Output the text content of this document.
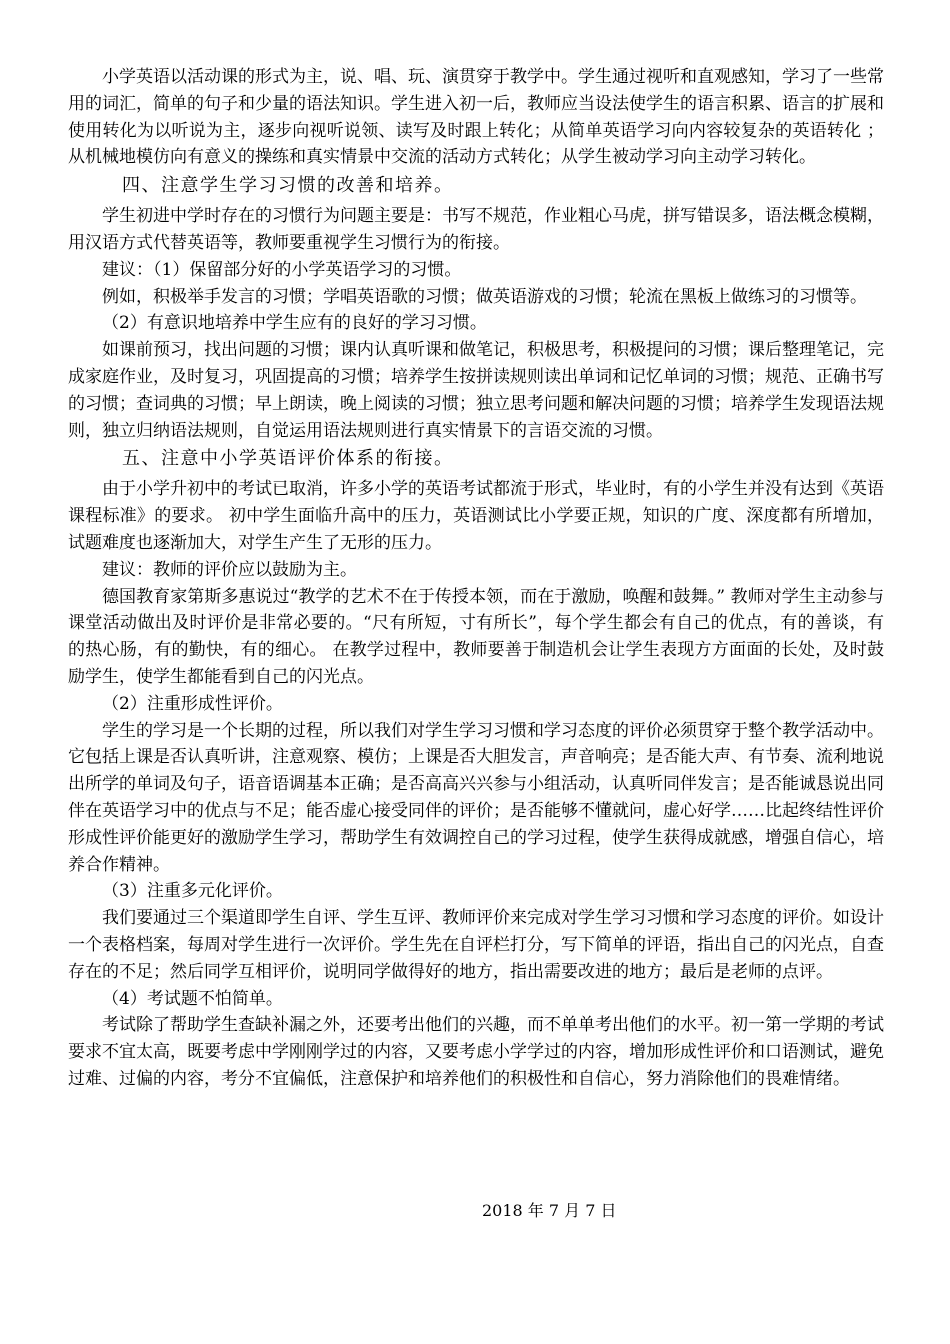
小学英语以活动课的形式为主，说、唱、玩、演贯穿于教学中。学生通过视听和直观感知，学习了一些常用的词汇，简单的句子和少量的语法知识。学生进入初一后，教师应当设法使学生的语言积累、语言的扩展和使用转化为以听说为主，逐步向视听说领、读写及时跟上转化；从简单英语学习向内容较复杂的英语转化 ；从机械地模仿向有意义的操练和真实情景中交流的活动方式转化；从学生被动学习向主动学习转化。

四、注意学生学习习惯的改善和培养。

学生初进中学时存在的习惯行为问题主要是：书写不规范，作业粗心马虎，拼写错误多，语法概念模糊，用汉语方式代替英语等，教师要重视学生习惯行为的衔接。

建议：（1）保留部分好的小学英语学习的习惯。

例如，积极举手发言的习惯；学唱英语歌的习惯；做英语游戏的习惯；轮流在黑板上做练习的习惯等。

（2）有意识地培养中学生应有的良好的学习习惯。

如课前预习，找出问题的习惯；课内认真听课和做笔记，积极思考，积极提问的习惯；课后整理笔记，完成家庭作业，及时复习，巩固提高的习惯；培养学生按拼读规则读出单词和记忆单词的习惯；规范、正确书写的习惯；查词典的习惯；早上朗读，晚上阅读的习惯；独立思考问题和解决问题的习惯；培养学生发现语法规则，独立归纳语法规则，自觉运用语法规则进行真实情景下的言语交流的习惯。

五、注意中小学英语评价体系的衔接。

由于小学升初中的考试已取消，许多小学的英语考试都流于形式，毕业时，有的小学生并没有达到《英语课程标准》的要求。 初中学生面临升高中的压力，英语测试比小学要正规，知识的广度、深度都有所增加，试题难度也逐渐加大，对学生产生了无形的压力。

建议：教师的评价应以鼓励为主。

德国教育家第斯多惠说过“教学的艺术不在于传授本领，而在于激励，唤醒和鼓舞。” 教师对学生主动参与课堂活动做出及时评价是非常必要的。“尺有所短，寸有所长”，每个学生都会有自己的优点，有的善谈，有的热心肠，有的勤快，有的细心。 在教学过程中，教师要善于制造机会让学生表现方方面面的长处，及时鼓励学生，使学生都能看到自己的闪光点。

（2）注重形成性评价。

学生的学习是一个长期的过程，所以我们对学生学习习惯和学习态度的评价必须贯穿于整个教学活动中。它包括上课是否认真听讲，注意观察、模仿；上课是否大胆发言，声音响亮；是否能大声、有节奏、流利地说出所学的单词及句子，语音语调基本正确；是否高高兴兴参与小组活动，认真听同伴发言；是否能诚恳说出同伴在英语学习中的优点与不足；能否虚心接受同伴的评价；是否能够不懂就问，虚心好学……比起终结性评价形成性评价能更好的激励学生学习，帮助学生有效调控自己的学习过程，使学生获得成就感，增强自信心，培养合作精神。

（3）注重多元化评价。

我们要通过三个渠道即学生自评、学生互评、教师评价来完成对学生学习习惯和学习态度的评价。如设计一个表格档案，每周对学生进行一次评价。学生先在自评栏打分，写下简单的评语，指出自己的闪光点，自查存在的不足；然后同学互相评价，说明同学做得好的地方，指出需要改进的地方；最后是老师的点评。

（4）考试题不怕简单。

考试除了帮助学生查缺补漏之外，还要考出他们的兴趣，而不单单考出他们的水平。初一第一学期的考试要求不宜太高，既要考虑中学刚刚学过的内容，又要考虑小学学过的内容，增加形成性评价和口语测试，避免过难、过偏的内容，考分不宜偏低，注意保护和培养他们的积极性和自信心，努力消除他们的畏难情绪。

2018 年 7 月 7 日
